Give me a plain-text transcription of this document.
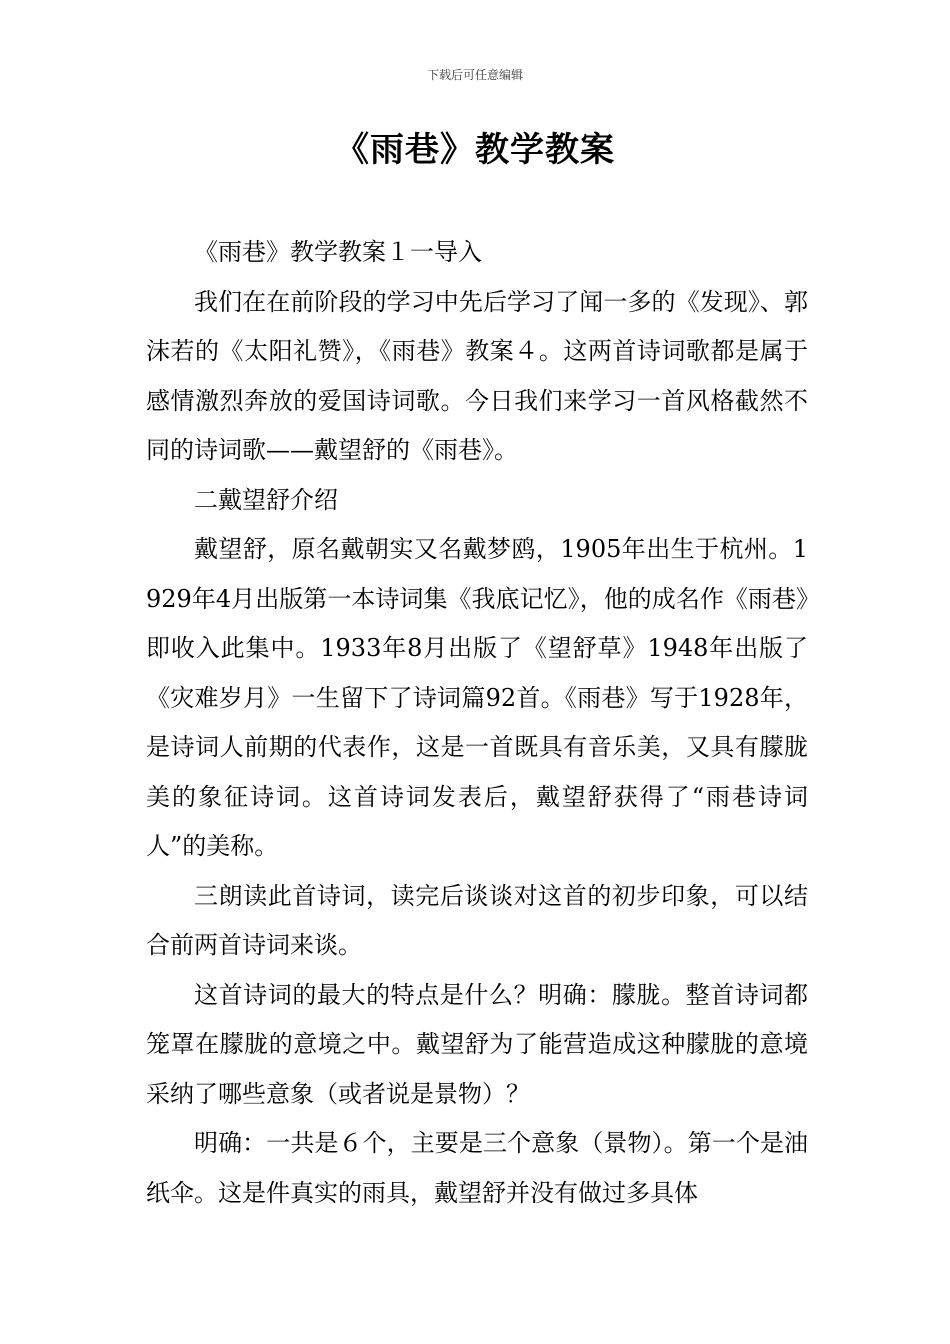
下载后可任意编辑
《雨巷》教学教案

《雨巷》教学教案１一导入

我们在在前阶段的学习中先后学习了闻一多的《发现》、郭沫若的《太阳礼赞》，《雨巷》教案４。这两首诗词歌都是属于感情激烈奔放的爱国诗词歌。今日我们来学习一首风格截然不同的诗词歌——戴望舒的《雨巷》。

二戴望舒介绍

戴望舒，原名戴朝实又名戴梦鸥，1905年出生于杭州。1929年4月出版第一本诗词集《我底记忆》，他的成名作《雨巷》即收入此集中。1933年8月出版了《望舒草》1948年出版了《灾难岁月》一生留下了诗词篇92首。《雨巷》写于1928年，是诗词人前期的代表作，这是一首既具有音乐美，又具有朦胧美的象征诗词。这首诗词发表后，戴望舒获得了“雨巷诗词人”的美称。

三朗读此首诗词，读完后谈谈对这首的初步印象，可以结合前两首诗词来谈。

这首诗词的最大的特点是什么？明确：朦胧。整首诗词都笼罩在朦胧的意境之中。戴望舒为了能营造成这种朦胧的意境采纳了哪些意象（或者说是景物）？

明确：一共是６个，主要是三个意象（景物）。第一个是油纸伞。这是件真实的雨具，戴望舒并没有做过多具体
